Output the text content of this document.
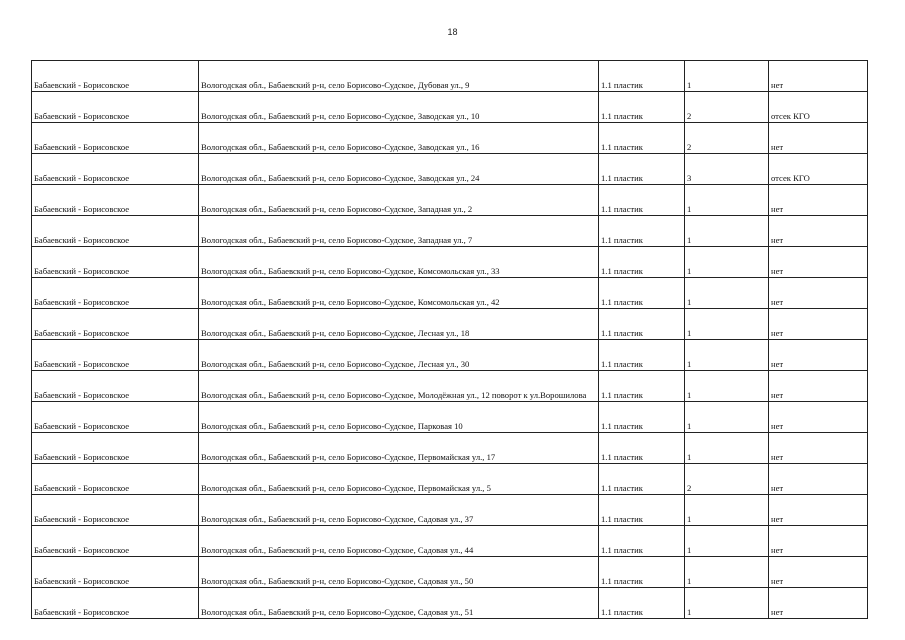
18
Бабаевский - Борисовское	Вологодская обл., Бабаевский р-н, село Борисово-Судское, Дубовая ул., 9	1.1 пластик	1	нет
Бабаевский - Борисовское	Вологодская обл., Бабаевский р-н, село Борисово-Судское, Заводская ул., 10	1.1 пластик	2	отсек КГО
Бабаевский - Борисовское	Вологодская обл., Бабаевский р-н, село Борисово-Судское, Заводская ул., 16	1.1 пластик	2	нет
Бабаевский - Борисовское	Вологодская обл., Бабаевский р-н, село Борисово-Судское, Заводская ул., 24	1.1 пластик	3	отсек КГО
Бабаевский - Борисовское	Вологодская обл., Бабаевский р-н, село Борисово-Судское, Западная ул., 2	1.1 пластик	1	нет
Бабаевский - Борисовское	Вологодская обл., Бабаевский р-н, село Борисово-Судское, Западная ул., 7	1.1 пластик	1	нет
Бабаевский - Борисовское	Вологодская обл., Бабаевский р-н, село Борисово-Судское, Комсомольская ул., 33	1.1 пластик	1	нет
Бабаевский - Борисовское	Вологодская обл., Бабаевский р-н, село Борисово-Судское, Комсомольская ул., 42	1.1 пластик	1	нет
Бабаевский - Борисовское	Вологодская обл., Бабаевский р-н, село Борисово-Судское, Лесная ул., 18	1.1 пластик	1	нет
Бабаевский - Борисовское	Вологодская обл., Бабаевский р-н, село Борисово-Судское, Лесная ул., 30	1.1 пластик	1	нет
Бабаевский - Борисовское	Вологодская обл., Бабаевский р-н, село Борисово-Судское, Молодёжная ул., 12 поворот к ул.Ворошилова	1.1 пластик	1	нет
Бабаевский - Борисовское	Вологодская обл., Бабаевский р-н, село Борисово-Судское, Парковая 10	1.1 пластик	1	нет
Бабаевский - Борисовское	Вологодская обл., Бабаевский р-н, село Борисово-Судское, Первомайская ул., 17	1.1 пластик	1	нет
Бабаевский - Борисовское	Вологодская обл., Бабаевский р-н, село Борисово-Судское, Первомайская ул., 5	1.1 пластик	2	нет
Бабаевский - Борисовское	Вологодская обл., Бабаевский р-н, село Борисово-Судское, Садовая ул., 37	1.1 пластик	1	нет
Бабаевский - Борисовское	Вологодская обл., Бабаевский р-н, село Борисово-Судское, Садовая ул., 44	1.1 пластик	1	нет
Бабаевский - Борисовское	Вологодская обл., Бабаевский р-н, село Борисово-Судское, Садовая ул., 50	1.1 пластик	1	нет
Бабаевский - Борисовское	Вологодская обл., Бабаевский р-н, село Борисово-Судское, Садовая ул., 51	1.1 пластик	1	нет
